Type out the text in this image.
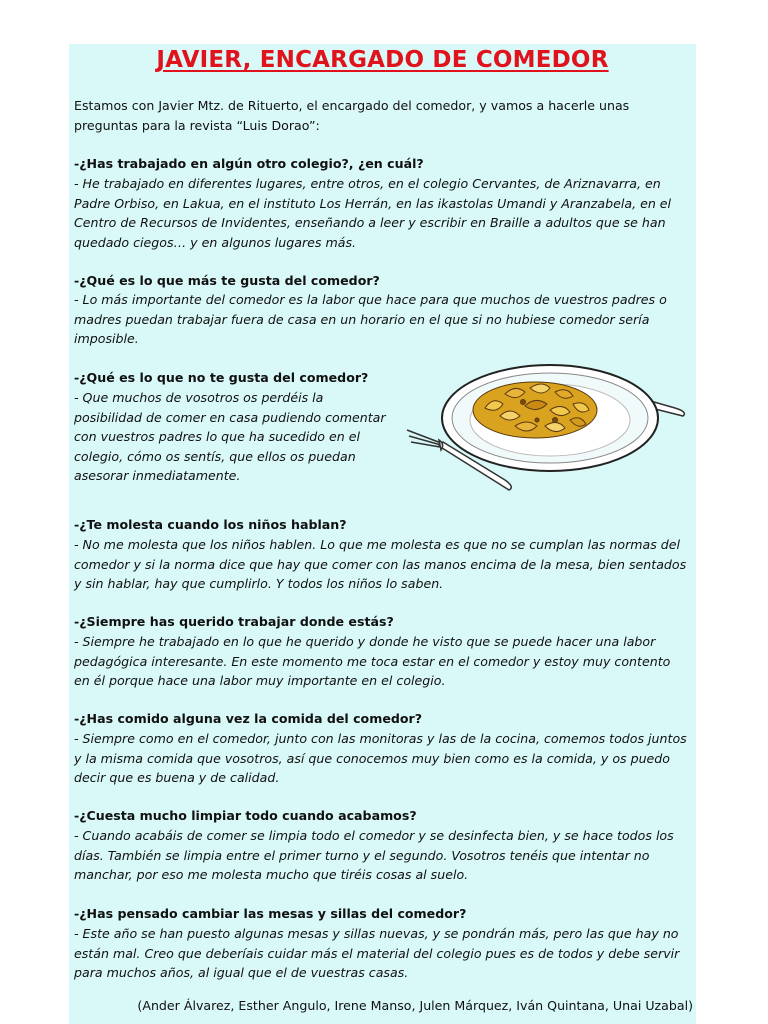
JAVIER, ENCARGADO DE COMEDOR

Estamos con Javier Mtz. de Rituerto, el encargado del comedor, y vamos a hacerle unas preguntas para la revista “Luis Dorao”:

-¿Has trabajado en algún otro colegio?, ¿en cuál?

- He trabajado en diferentes lugares, entre otros, en el colegio Cervantes, de Ariznavarra, en Padre Orbiso, en Lakua, en el instituto Los Herrán, en las ikastolas Umandi y Aranzabela, en el Centro de Recursos de Invidentes, enseñando a leer y escribir en Braille a adultos que se han quedado ciegos… y en algunos lugares más.

-¿Qué es lo que más te gusta del comedor?

- Lo más importante del comedor es la labor que hace para que muchos de vuestros padres o madres puedan trabajar fuera de casa en un horario en el que si no hubiese comedor sería imposible.

-¿Qué es lo que no te gusta del comedor?

- Que muchos de vosotros os perdéis la posibilidad de comer en casa pudiendo comentar con vuestros padres lo que ha sucedido en el colegio, cómo os sentís, que ellos os puedan asesorar inmediatamente.

-¿Te molesta cuando los niños hablan?

- No me molesta que los niños hablen. Lo que me molesta es que no se cumplan las normas del comedor y si la norma dice que hay que comer con las manos encima de la mesa, bien sentados y sin hablar, hay que cumplirlo. Y todos los niños lo saben.

-¿Siempre has querido trabajar donde estás?

- Siempre he trabajado en lo que he querido y donde he visto que se puede hacer una labor pedagógica interesante. En este momento me toca estar en el comedor y estoy muy contento en él porque hace una labor muy importante en el colegio.

-¿Has comido alguna vez la comida del comedor?

- Siempre como en el comedor, junto con las monitoras y las de la cocina, comemos todos juntos y la misma comida que vosotros, así que conocemos muy bien como es la comida, y os puedo decir que es buena y de calidad.

-¿Cuesta mucho limpiar todo cuando acabamos?

- Cuando acabáis de comer se limpia todo el comedor y se desinfecta bien, y se hace todos los días. También se limpia entre el primer turno y el segundo. Vosotros tenéis que intentar no manchar, por eso me molesta mucho que tiréis cosas al suelo.

-¿Has pensado cambiar las mesas y sillas del comedor?

- Este año se han puesto algunas mesas y sillas nuevas, y se pondrán más, pero las que hay no están mal. Creo que deberíais cuidar más el material del colegio pues es de todos y debe servir para muchos años, al igual que el de vuestras casas.

(Ander Álvarez, Esther Angulo, Irene Manso, Julen Márquez, Iván Quintana, Unai Uzabal)
